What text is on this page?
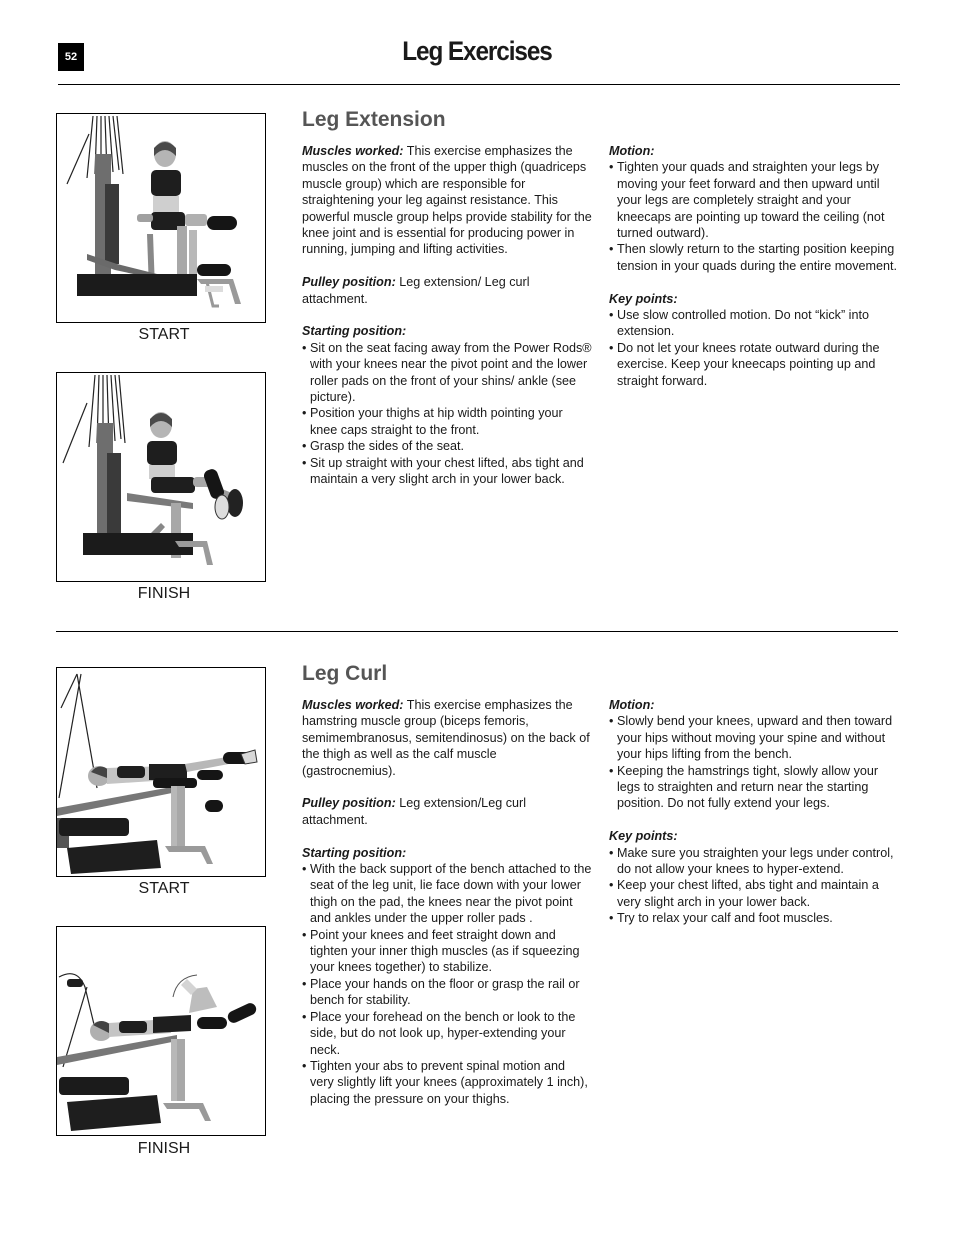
52	Leg Exercises
START
FINISH
Leg Extension

Muscles worked: This exercise emphasizes the muscles on the front of the upper thigh (quadriceps muscle group) which are responsible for straightening your leg against resistance. This powerful muscle group helps provide stability for the knee joint and is essential for producing power in running, jumping and lifting activities.

Pulley position: Leg extension/ Leg curl attachment.

Starting position:
• Sit on the seat facing away from the Power Rods® with your knees near the pivot point and the lower roller pads on the front of your shins/ ankle (see picture).
• Position your thighs at hip width pointing your knee caps straight to the front.
• Grasp the sides of the seat.
• Sit up straight with your chest lifted, abs tight and maintain a very slight arch in your lower back.
Motion:
• Tighten your quads and straighten your legs by moving your feet forward and then upward until your legs are completely straight and your kneecaps are pointing up toward the ceiling (not turned outward).
• Then slowly return to the starting position keeping tension in your quads during the entire movement.
Key points:
• Use slow controlled motion. Do not “kick” into extension.
• Do not let your knees rotate outward during the exercise. Keep your kneecaps pointing up and straight forward.
START
FINISH
Leg Curl

Muscles worked: This exercise emphasizes the hamstring muscle group (biceps femoris, semimembranosus, semitendinosus) on the back of the thigh as well as the calf muscle (gastrocnemius).

Pulley position: Leg extension/Leg curl attachment.

Starting position:
• With the back support of the bench attached to the seat of the leg unit, lie face down with your lower thigh on the pad, the knees near the pivot point and ankles under the upper roller pads .
• Point your knees and feet straight down and tighten your inner thigh muscles (as if squeezing your knees together) to stabilize.
• Place your hands on the floor or grasp the rail or bench for stability.
• Place your forehead on the bench or look to the side, but do not look up, hyper-extending your neck.
• Tighten your abs to prevent spinal motion and very slightly lift your knees (approximately 1 inch), placing the pressure on your thighs.
Motion:
• Slowly bend your knees, upward and then toward your hips without moving your spine and without your hips lifting from the bench.
• Keeping the hamstrings tight, slowly allow your legs to straighten and return near the starting position. Do not fully extend your legs.
Key points:
• Make sure you straighten your legs under control, do not allow your knees to hyper-extend.
• Keep your chest lifted, abs tight and maintain a very slight arch in your lower back.
• Try to relax your calf and foot muscles.
